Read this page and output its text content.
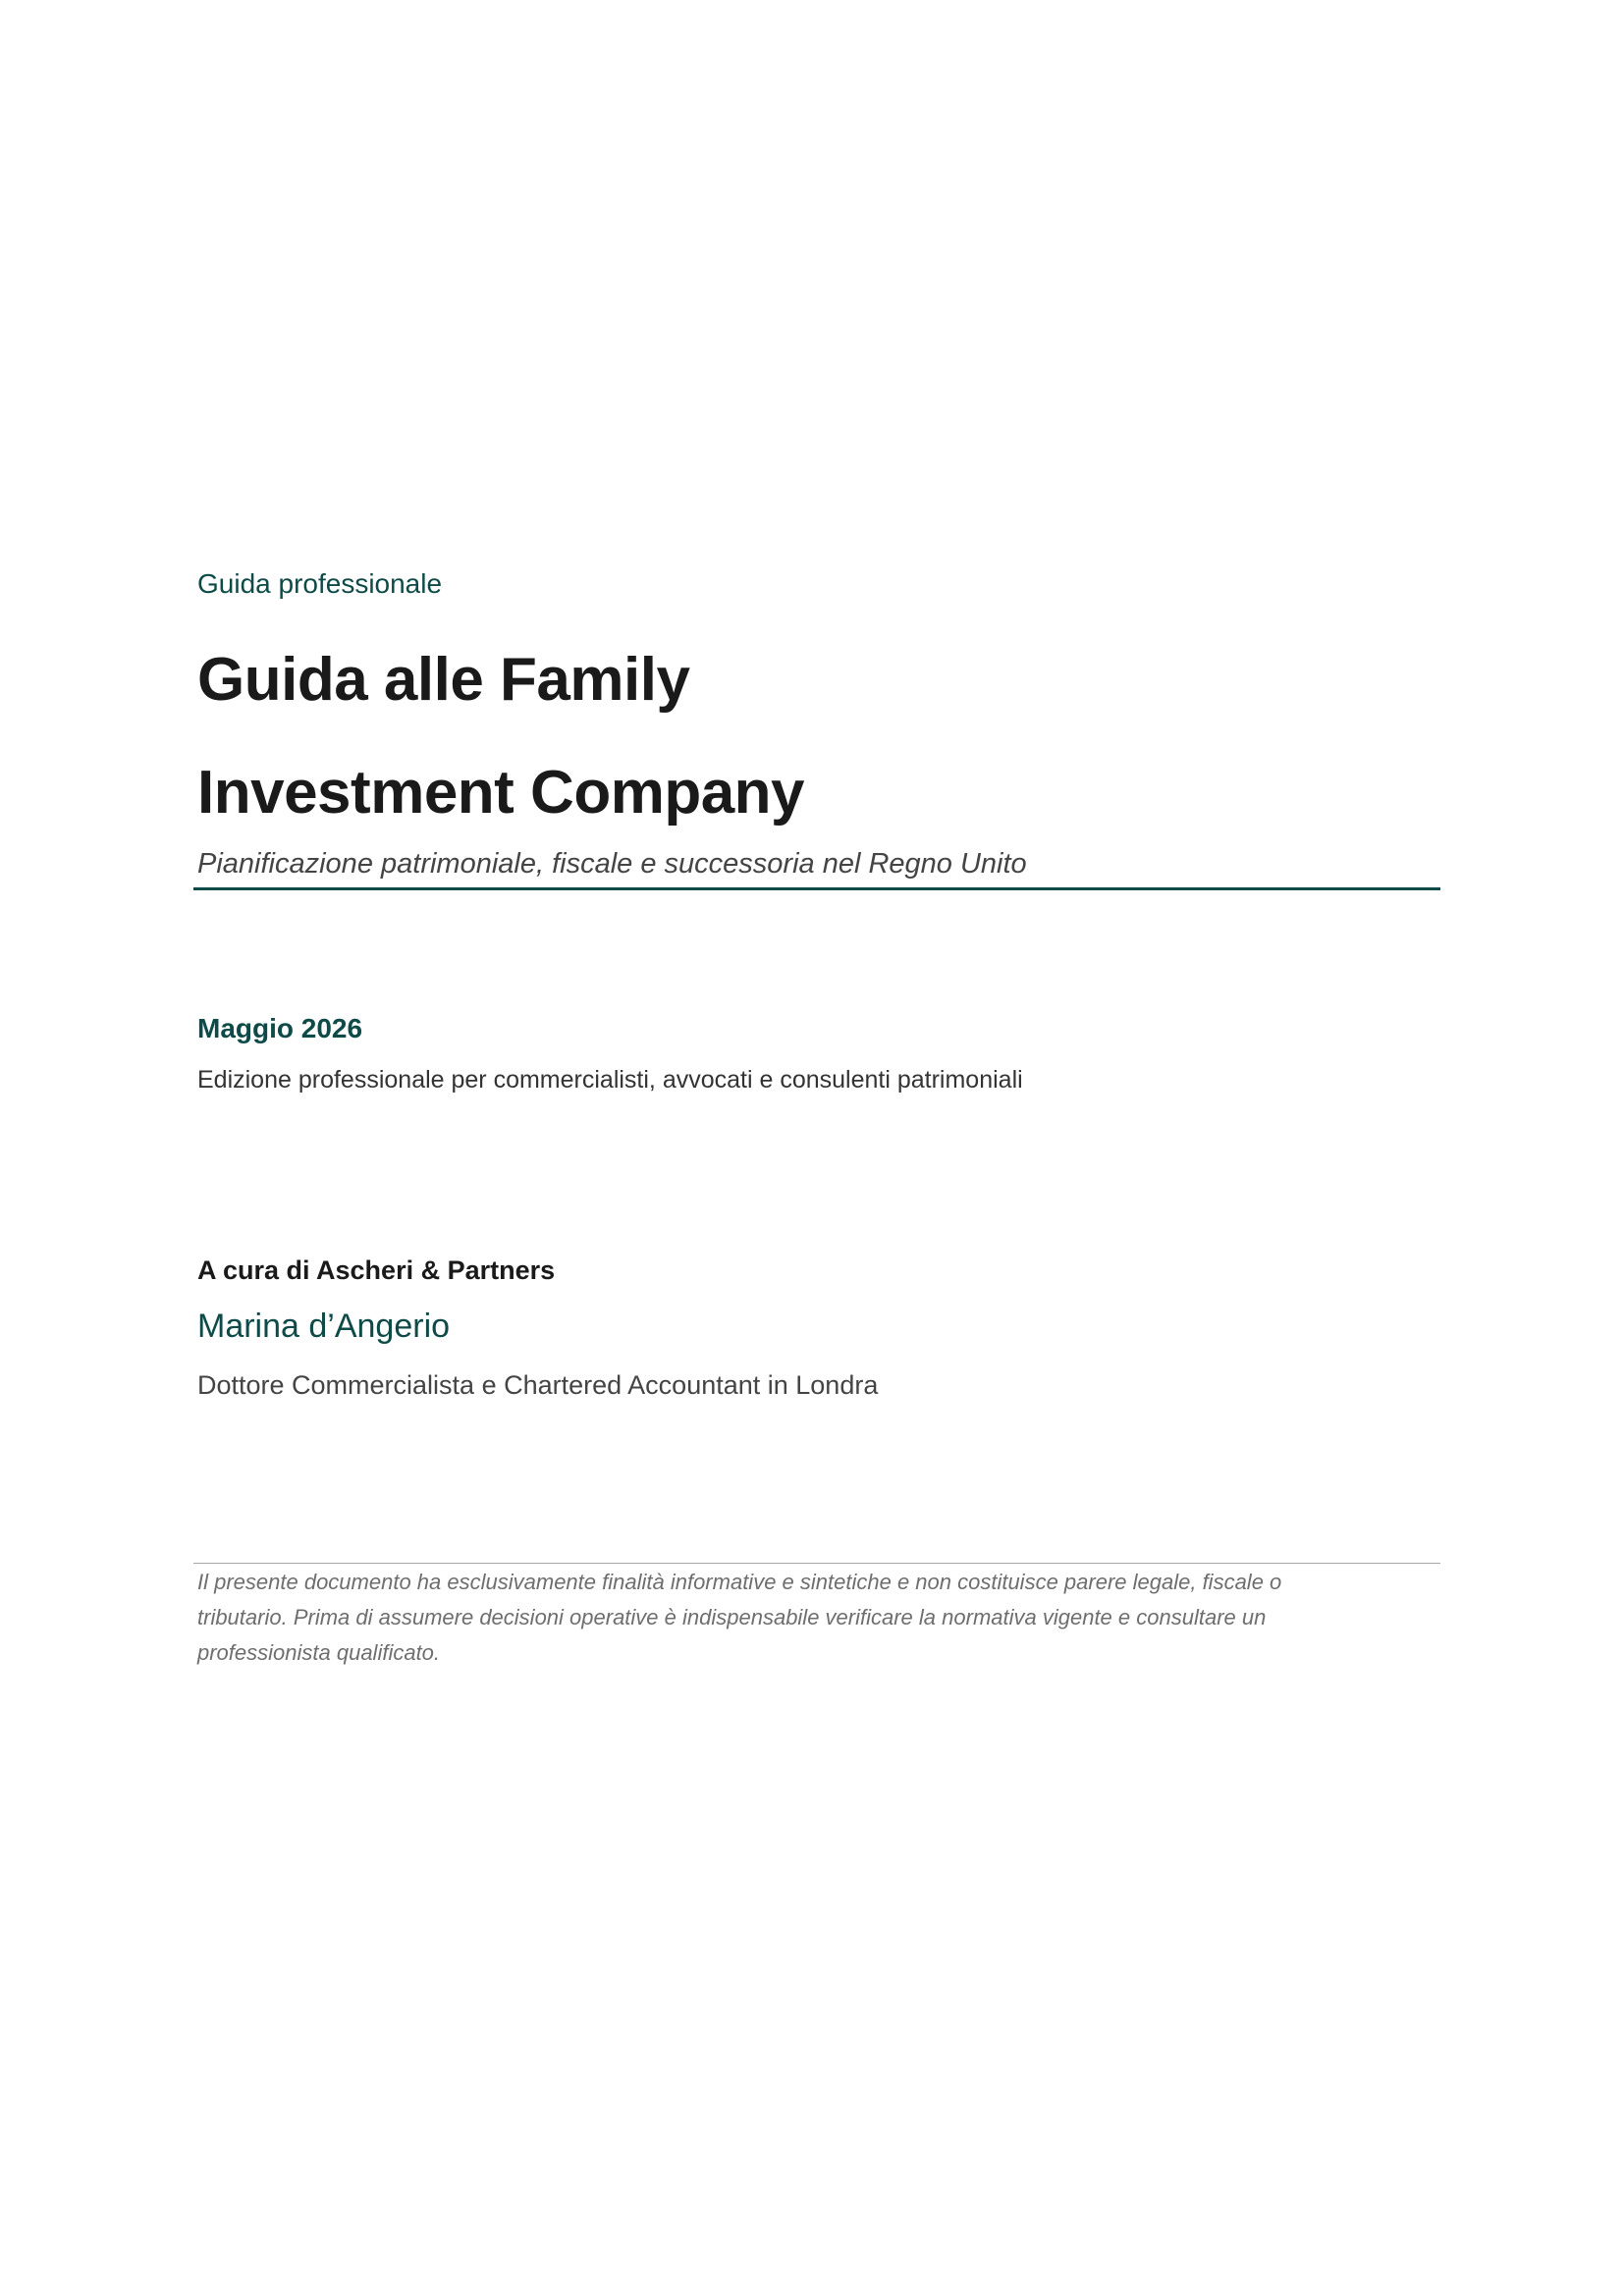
Guida professionale
Guida alle Family
Investment Company
Pianificazione patrimoniale, fiscale e successoria nel Regno Unito
Maggio 2026
Edizione professionale per commercialisti, avvocati e consulenti patrimoniali
A cura di Ascheri & Partners
Marina d’Angerio
Dottore Commercialista e Chartered Accountant in Londra
Il presente documento ha esclusivamente finalità informative e sintetiche e non costituisce parere legale, fiscale o tributario. Prima di assumere decisioni operative è indispensabile verificare la normativa vigente e consultare un professionista qualificato.
